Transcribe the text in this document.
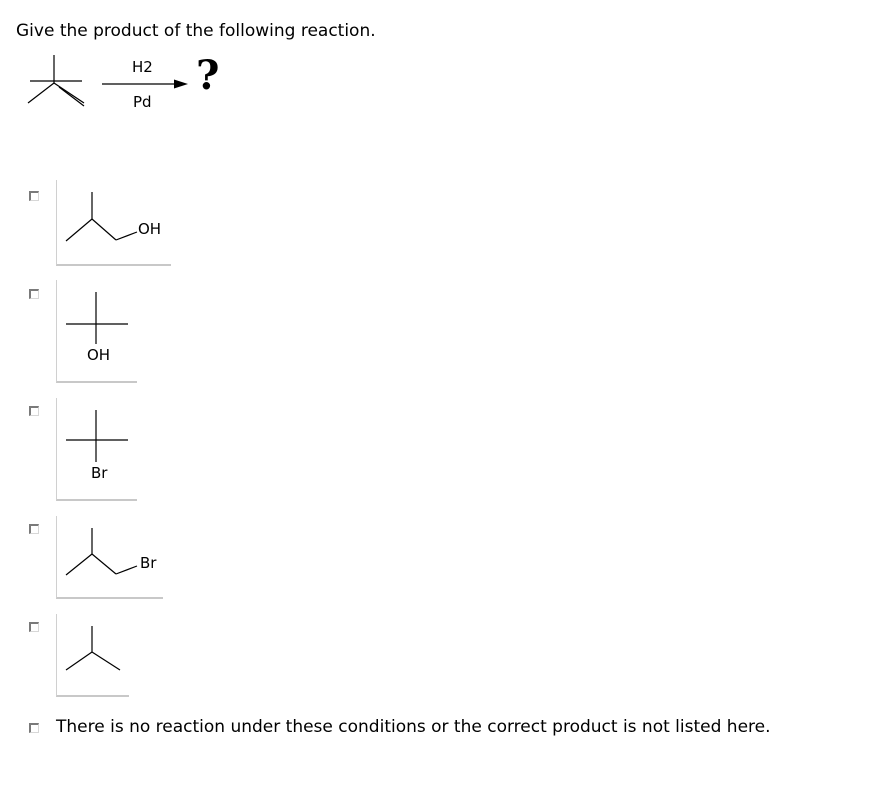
Give the product of the following reaction.
H2
Pd
?
OH
OH
Br
Br
There is no reaction under these conditions or the correct product is not listed here.
